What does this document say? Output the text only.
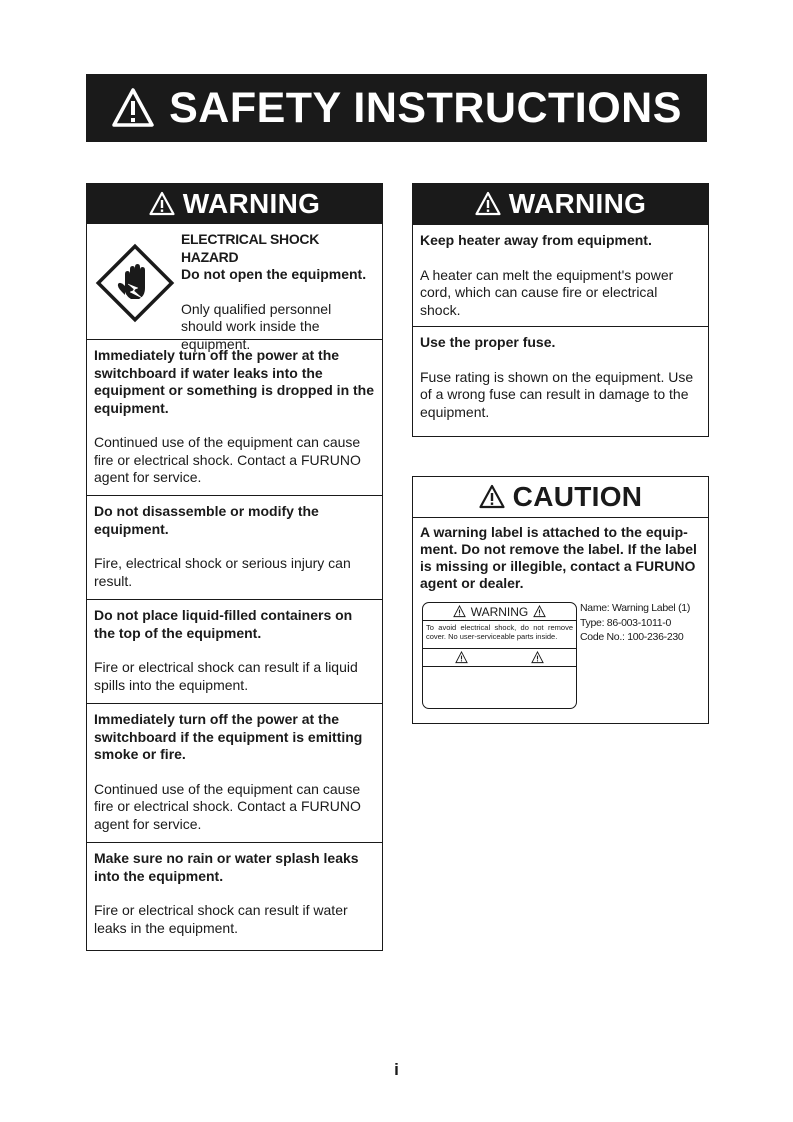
SAFETY INSTRUCTIONS
WARNING
ELECTRICAL SHOCK HAZARD
Do not open the equipment.
Only qualified personnel should work inside the equipment.
Immediately turn off the power at the switchboard if water leaks into the equipment or something is dropped in the equipment.
Continued use of the equipment can cause fire or electrical shock. Contact a FURUNO agent for service.
Do not disassemble or modify the equipment.
Fire, electrical shock or serious injury can result.
Do not place liquid-filled containers on the top of the equipment.
Fire or electrical shock can result if a liquid spills into the equipment.
Immediately turn off the power at the switchboard if the equipment is emitting smoke or fire.
Continued use of the equipment can cause fire or electrical shock. Contact a FURUNO agent for service.
Make sure no rain or water splash leaks into the equipment.
Fire or electrical shock can result if water leaks in the equipment.
WARNING
Keep heater away from equipment.
A heater can melt the equipment's power cord, which can cause fire or electrical shock.
Use the proper fuse.
Fuse rating is shown on the equipment. Use of a wrong fuse can result in damage to the equipment.
CAUTION
A warning label is attached to the equip-ment. Do not remove the label. If the label is missing or illegible, contact a FURUNO agent or dealer.
WARNING
To avoid electrical shock, do not remove cover. No user-serviceable parts inside.
Name: Warning Label (1)
Type: 86-003-1011-0
Code No.: 100-236-230
i
